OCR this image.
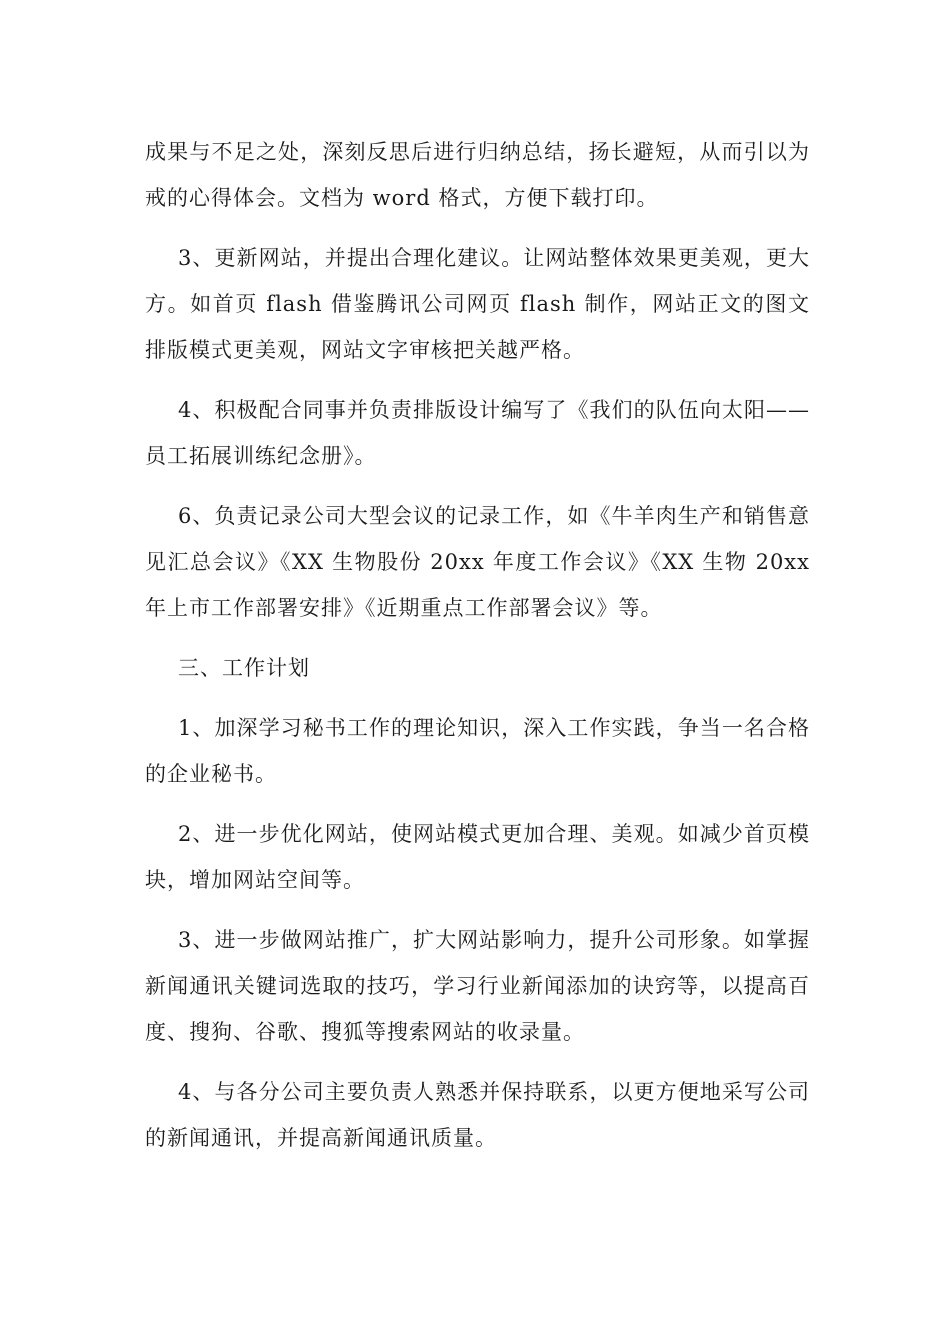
成果与不足之处，深刻反思后进行归纳总结，扬长避短，从而引以为戒的心得体会。文档为 word 格式，方便下载打印。

3、更新网站，并提出合理化建议。让网站整体效果更美观，更大方。如首页 flash 借鉴腾讯公司网页 flash 制作，网站正文的图文排版模式更美观，网站文字审核把关越严格。

4、积极配合同事并负责排版设计编写了《我们的队伍向太阳——员工拓展训练纪念册》。

6、负责记录公司大型会议的记录工作，如《牛羊肉生产和销售意见汇总会议》《XX 生物股份 20xx 年度工作会议》《XX 生物 20xx 年上市工作部署安排》《近期重点工作部署会议》等。

三、工作计划

1、加深学习秘书工作的理论知识，深入工作实践，争当一名合格的企业秘书。

2、进一步优化网站，使网站模式更加合理、美观。如减少首页模块，增加网站空间等。

3、进一步做网站推广，扩大网站影响力，提升公司形象。如掌握新闻通讯关键词选取的技巧，学习行业新闻添加的诀窍等，以提高百度、搜狗、谷歌、搜狐等搜索网站的收录量。

4、与各分公司主要负责人熟悉并保持联系，以更方便地采写公司的新闻通讯，并提高新闻通讯质量。
